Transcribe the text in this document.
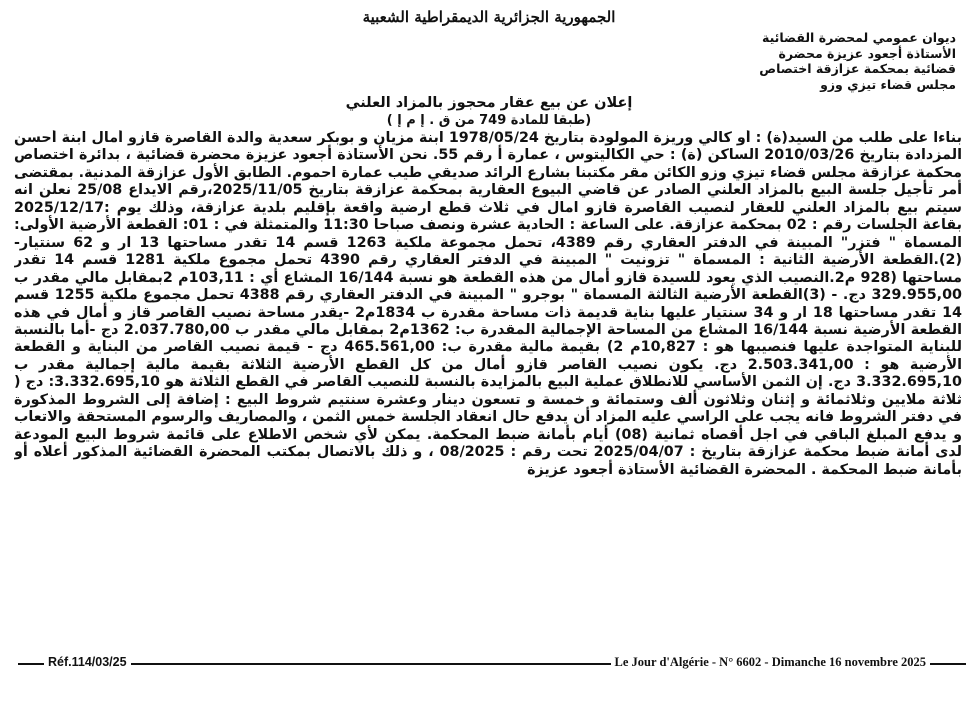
الجمهورية الجزائرية الديمقراطية الشعبية
ديوان عمومي لمحضرة القضائية
الأستاذة أجعود عزيزة محضرة
قضائية بمحكمة عزازقة اختصاص
مجلس قضاء تيزي وزو
إعلان عن بيع عقار محجوز بالمزاد العلني
( طبقا للمادة 749 من ق . إ م إ)
بناءا على طلب من السيد(ة) : أو كالي وريزة المولودة بتاريخ 1978/05/24 ابنة مزيان و بوبكر سعدية والدة القاصرة قازو أمال ابنة أحسن المزدادة بتاريخ 2010/03/26 الساكن (ة) : حي الكاليتوس ، عمارة أ رقم 55. نحن الأستاذة أجعود عزيزة محضرة قضائية ، بدائرة اختصاص محكمة عزازقة مجلس قضاء تيزي وزو الكائن مقر مكتبنا بشارع الرائد صديقي طيب عمارة احموم. الطابق الأول عزازقة المدنية. بمقتضى أمر تأجيل جلسة البيع بالمزاد العلني الصادر عن قاضي البيوع العقارية بمحكمة عزازقة بتاريخ 2025/11/05،رقم الايداع 25/08 نعلن انه سيتم بيع بالمزاد العلني للعقار لنصيب القاصرة قازو امال في ثلاث قطع ارضية واقعة بإقليم بلدية عزازقة، وذلك يوم :2025/12/17 بقاعة الجلسات رقم : 02 بمحكمة عزازقة. على الساعة : الحادية عشرة ونصف صباحا 11:30 والمتمثلة في : 01: القطعة الأرضية الأولى: المسماة " فتزر" المبينة في الدفتر العقاري رقم 4389، تحمل مجموعة ملكية 1263 قسم 14 تقدر مساحتها 13 ار و 62 سنتيار- (2).القطعة الأرضية الثانية : المسماة " تزونيت " المبينة في الدفتر العقاري رقم 4390 تحمل مجموع ملكية 1281 قسم 14 تقدر مساحتها (928 م2.النصيب الذي يعود للسيدة قازو أمال من هذه القطعة هو نسبة 16/144 المشاع أي : 103,11م 2بمقابل مالي مقدر ب 329.955,00 دج. - (3)القطعة الأرضية الثالثة المسماة " بوجرو " المبينة في الدفتر العقاري رقم 4388 تحمل مجموع ملكية 1255 قسم 14 تقدر مساحتها 18 ار و 34 سنتيار عليها بناية قديمة ذات مساحة مقدرة ب 1834م2 -يقدر مساحة نصيب القاصر قاز و أمال في هذه القطعة الأرضية نسبة 16/144 المشاع من المساحة الإجمالية المقدرة ب: 1362م2 بمقابل مالي مقدر ب 2.037.780,00 دج -أما بالنسبة للبناية المتواجدة عليها فنصيبها هو : 10,827م 2) بقيمة مالية مقدرة ب: 465.561,00 دج - قيمة نصيب القاصر من البناية و القطعة الأرضية هو : 2.503.341,00 دج. يكون نصيب القاصر قازو أمال من كل القطع الأرضية الثلاثة بقيمة مالية إجمالية مقدر ب 3.332.695,10 دج. إن الثمن الأساسي للانطلاق عملية البيع بالمزايدة بالنسبة للنصيب القاصر في القطع الثلاثة هو 3.332.695,10: دج ( ثلاثة ملايين وثلاثمائة و إثنان وثلاثون ألف وستمائة و خمسة و تسعون دينار وعشرة سنتيم شروط البيع : إضافة إلى الشروط المذكورة في دفتر الشروط فانه يجب على الراسي عليه المزاد أن يدفع حال انعقاد الجلسة خمس الثمن ، والمصاريف والرسوم المستحقة والاتعاب و يدفع المبلغ الباقي في اجل أقصاه ثمانية (08) أيام بأمانة ضبط المحكمة. يمكن لأي شخص الاطلاع على قائمة شروط البيع المودعة لدى أمانة ضبط محكمة عزازقة بتاريخ : 2025/04/07 تحت رقم : 08/2025 ، و ذلك بالاتصال بمكتب المحضرة القضائية المذكور أعلاه أو بأمانة ضبط المحكمة . المحضرة القضائية الأستاذة أجعود عزيزة
Réf.114/03/25	Le Jour d'Algérie - N° 6602 - Dimanche 16 novembre 2025
